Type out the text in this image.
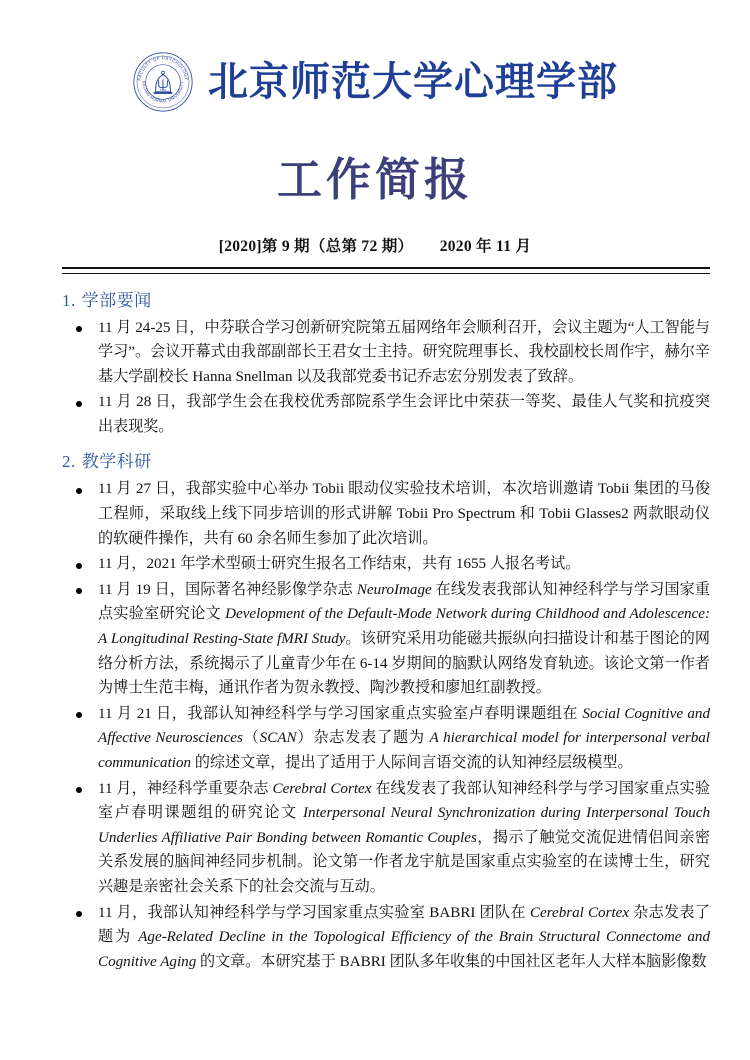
FACULTY OF PSYCHOLOGY
BEIJING NORMAL UNIVERSITY
1902 北京师范大学心理学部
工作简报
[2020]第 9 期（总第 72 期） 2020 年 11 月
1. 学部要闻
11 月 24-25 日，中芬联合学习创新研究院第五届网络年会顺利召开，会议主题为“人工智能与学习”。会议开幕式由我部副部长王君女士主持。研究院理事长、我校副校长周作宇，赫尔辛基大学副校长 Hanna Snellman 以及我部党委书记乔志宏分别发表了致辞。
11 月 28 日，我部学生会在我校优秀部院系学生会评比中荣获一等奖、最佳人气奖和抗疫突出表现奖。
2. 教学科研
11 月 27 日，我部实验中心举办 Tobii 眼动仪实验技术培训，本次培训邀请 Tobii 集团的马俊工程师，采取线上线下同步培训的形式讲解 Tobii Pro Spectrum 和 Tobii Glasses2 两款眼动仪的软硬件操作，共有 60 余名师生参加了此次培训。
11 月，2021 年学术型硕士研究生报名工作结束，共有 1655 人报名考试。
11 月 19 日，国际著名神经影像学杂志 NeuroImage 在线发表我部认知神经科学与学习国家重点实验室研究论文 Development of the Default-Mode Network during Childhood and Adolescence: A Longitudinal Resting-State fMRI Study。该研究采用功能磁共振纵向扫描设计和基于图论的网络分析方法，系统揭示了儿童青少年在 6-14 岁期间的脑默认网络发育轨迹。该论文第一作者为博士生范丰梅，通讯作者为贺永教授、陶沙教授和廖旭红副教授。
11 月 21 日，我部认知神经科学与学习国家重点实验室卢春明课题组在 Social Cognitive and Affective Neurosciences（SCAN）杂志发表了题为 A hierarchical model for interpersonal verbal communication 的综述文章，提出了适用于人际间言语交流的认知神经层级模型。
11 月，神经科学重要杂志 Cerebral Cortex 在线发表了我部认知神经科学与学习国家重点实验室卢春明课题组的研究论文 Interpersonal Neural Synchronization during Interpersonal Touch Underlies Affiliative Pair Bonding between Romantic Couples，揭示了触觉交流促进情侣间亲密关系发展的脑间神经同步机制。论文第一作者龙宇航是国家重点实验室的在读博士生，研究兴趣是亲密社会关系下的社会交流与互动。
11 月，我部认知神经科学与学习国家重点实验室 BABRI 团队在 Cerebral Cortex 杂志发表了题为 Age-Related Decline in the Topological Efficiency of the Brain Structural Connectome and Cognitive Aging 的文章。本研究基于 BABRI 团队多年收集的中国社区老年人大样本脑影像数
